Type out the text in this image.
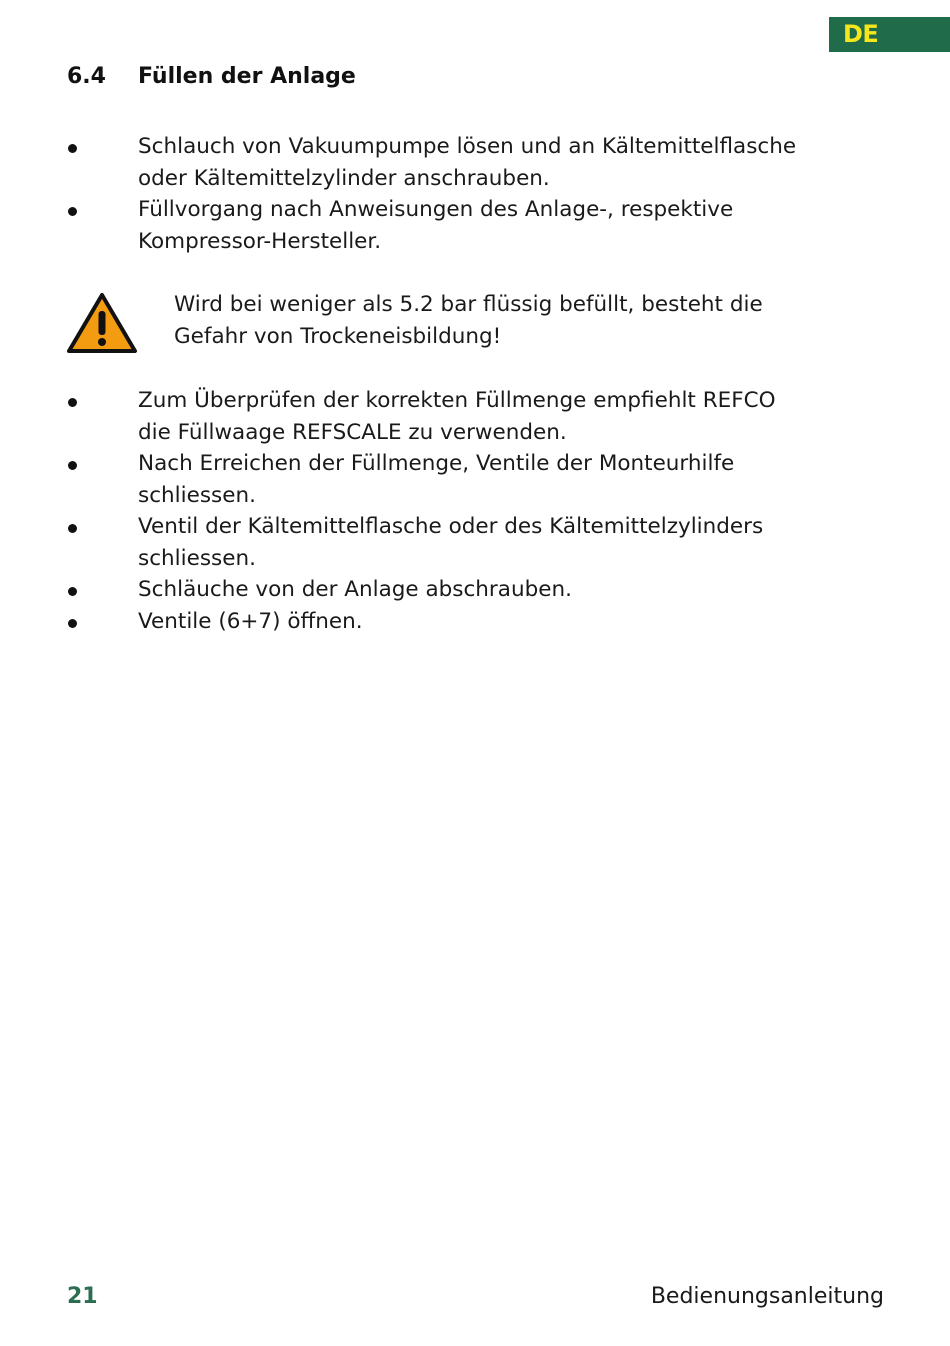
DE
6.4 Füllen der Anlage
Schlauch von Vakuumpumpe lösen und an Kältemittelflasche
oder Kältemittelzylinder anschrauben.
Füllvorgang nach Anweisungen des Anlage-, respektive
Kompressor-Hersteller.
Wird bei weniger als 5.2 bar flüssig befüllt, besteht die
Gefahr von Trockeneisbildung!
Zum Überprüfen der korrekten Füllmenge empfiehlt REFCO
die Füllwaage REFSCALE zu verwenden.
Nach Erreichen der Füllmenge, Ventile der Monteurhilfe
schliessen.
Ventil der Kältemittelflasche oder des Kältemittelzylinders
schliessen.
Schläuche von der Anlage abschrauben.
Ventile (6+7) öffnen.
21	Bedienungsanleitung
